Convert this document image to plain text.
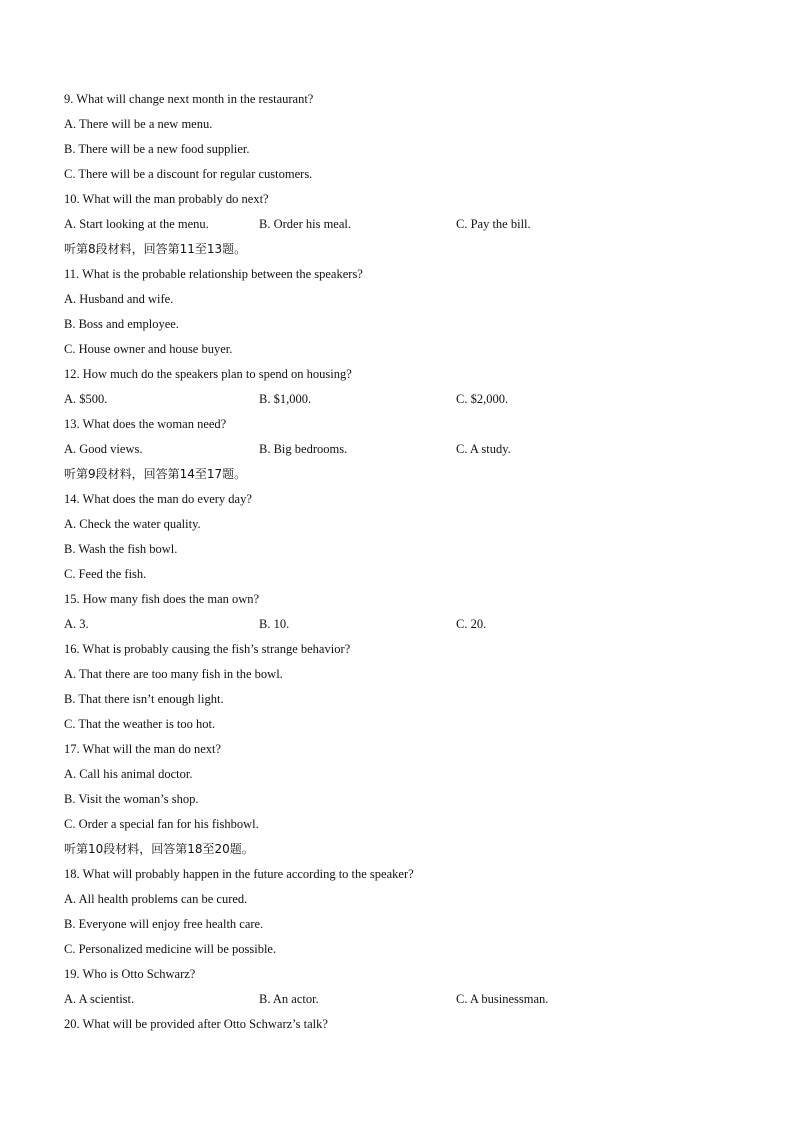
9. What will change next month in the restaurant?
A. There will be a new menu.
B. There will be a new food supplier.
C. There will be a discount for regular customers.
10. What will the man probably do next?
A. Start looking at the menu.	B. Order his meal.	C. Pay the bill.
听第8段材料，回答第11至13题。
11. What is the probable relationship between the speakers?
A. Husband and wife.
B. Boss and employee.
C. House owner and house buyer.
12. How much do the speakers plan to spend on housing?
A. $500.	B. $1,000.	C. $2,000.
13. What does the woman need?
A. Good views.	B. Big bedrooms.	C. A study.
听第9段材料，回答第14至17题。
14. What does the man do every day?
A. Check the water quality.
B. Wash the fish bowl.
C. Feed the fish.
15. How many fish does the man own?
A. 3.	B. 10.	C. 20.
16. What is probably causing the fish’s strange behavior?
A. That there are too many fish in the bowl.
B. That there isn’t enough light.
C. That the weather is too hot.
17. What will the man do next?
A. Call his animal doctor.
B. Visit the woman’s shop.
C. Order a special fan for his fishbowl.
听第10段材料，回答第18至20题。
18. What will probably happen in the future according to the speaker?
A. All health problems can be cured.
B. Everyone will enjoy free health care.
C. Personalized medicine will be possible.
19. Who is Otto Schwarz?
A. A scientist.	B. An actor.	C. A businessman.
20. What will be provided after Otto Schwarz’s talk?
